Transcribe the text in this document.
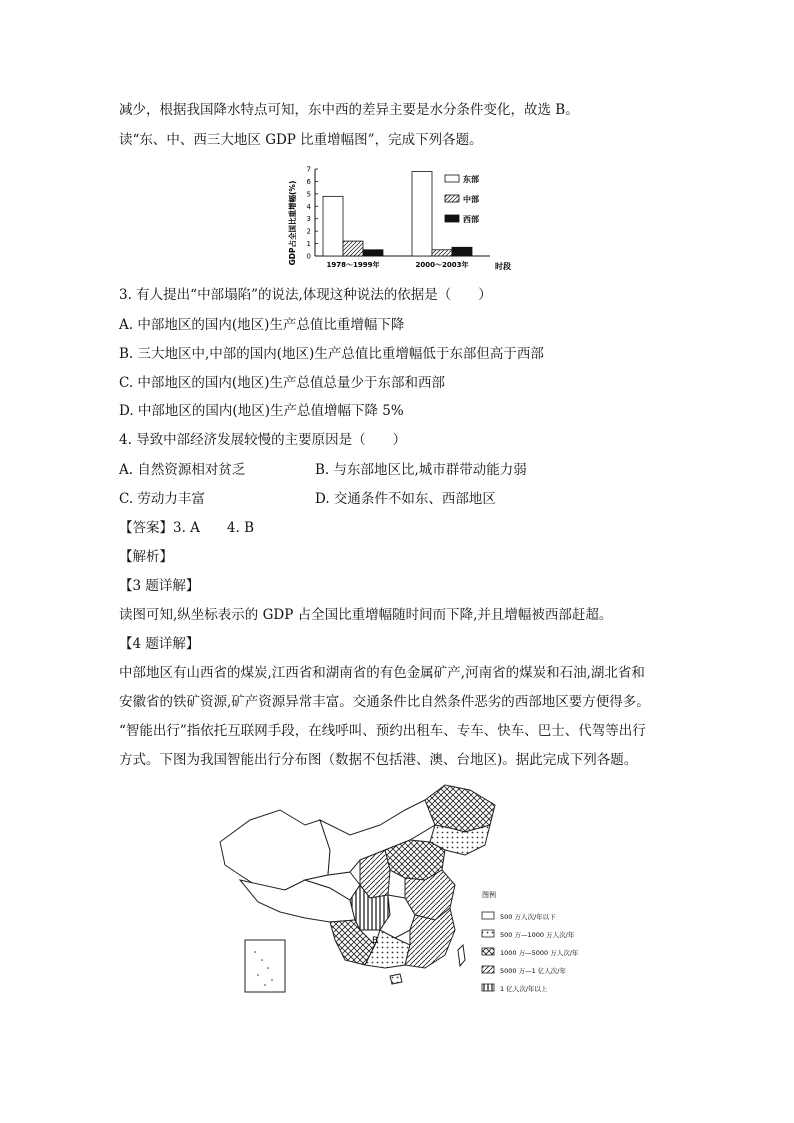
减少，根据我国降水特点可知，东中西的差异主要是水分条件变化，故选 B。
读“东、中、西三大地区 GDP 比重增幅图”，完成下列各题。
GDP占全国比重增幅(%) 0
1
2
3
4
5
6
7
1978～1999年	2000～2003年
东部
中部
西部
时段
3. 有人提出“中部塌陷”的说法,体现这种说法的依据是（　　）
A. 中部地区的国内(地区)生产总值比重增幅下降
B. 三大地区中,中部的国内(地区)生产总值比重增幅低于东部但高于西部
C. 中部地区的国内(地区)生产总值总量少于东部和西部
D. 中部地区的国内(地区)生产总值增幅下降 5%
4. 导致中部经济发展较慢的主要原因是（　　）
A. 自然资源相对贫乏	B. 与东部地区比,城市群带动能力弱
C. 劳动力丰富	D. 交通条件不如东、西部地区
【答案】3. A　　4. B
【解析】
【3 题详解】
读图可知,纵坐标表示的 GDP 占全国比重增幅随时间而下降,并且增幅被西部赶超。
【4 题详解】
中部地区有山西省的煤炭,江西省和湖南省的有色金属矿产,河南省的煤炭和石油,湖北省和
安徽省的铁矿资源,矿产资源异常丰富。交通条件比自然条件恶劣的西部地区要方便得多。
“智能出行”指依托互联网手段，在线呼叫、预约出租车、专车、快车、巴士、代驾等出行
方式。下图为我国智能出行分布图（数据不包括港、澳、台地区)。据此完成下列各题。
B
图例
500 万人次/年以下
500 万—1000 万人次/年
1000 万—5000 万人次/年
5000 万—1 亿人次/年
1 亿人次/年以上
